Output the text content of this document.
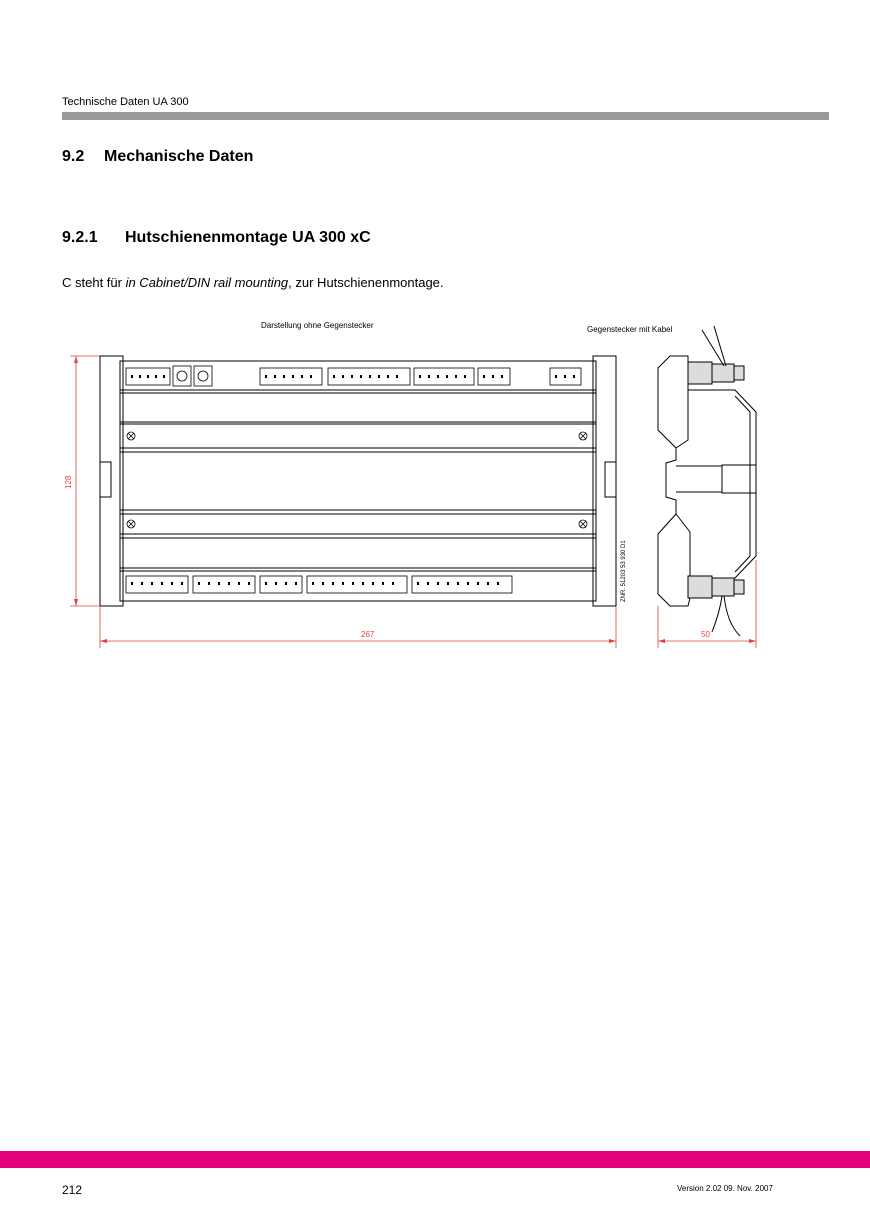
Technische Daten UA 300
9.2 Mechanische Daten
9.2.1 Hutschienenmontage UA 300 xC

C steht für in Cabinet/DIN rail mounting, zur Hutschienenmontage.

Darstellung ohne Gegenstecker	Gegenstecker mit Kabel
ZNR. 51203 53 930 D1
128
267	50
212	Version 2.02 09. Nov. 2007
